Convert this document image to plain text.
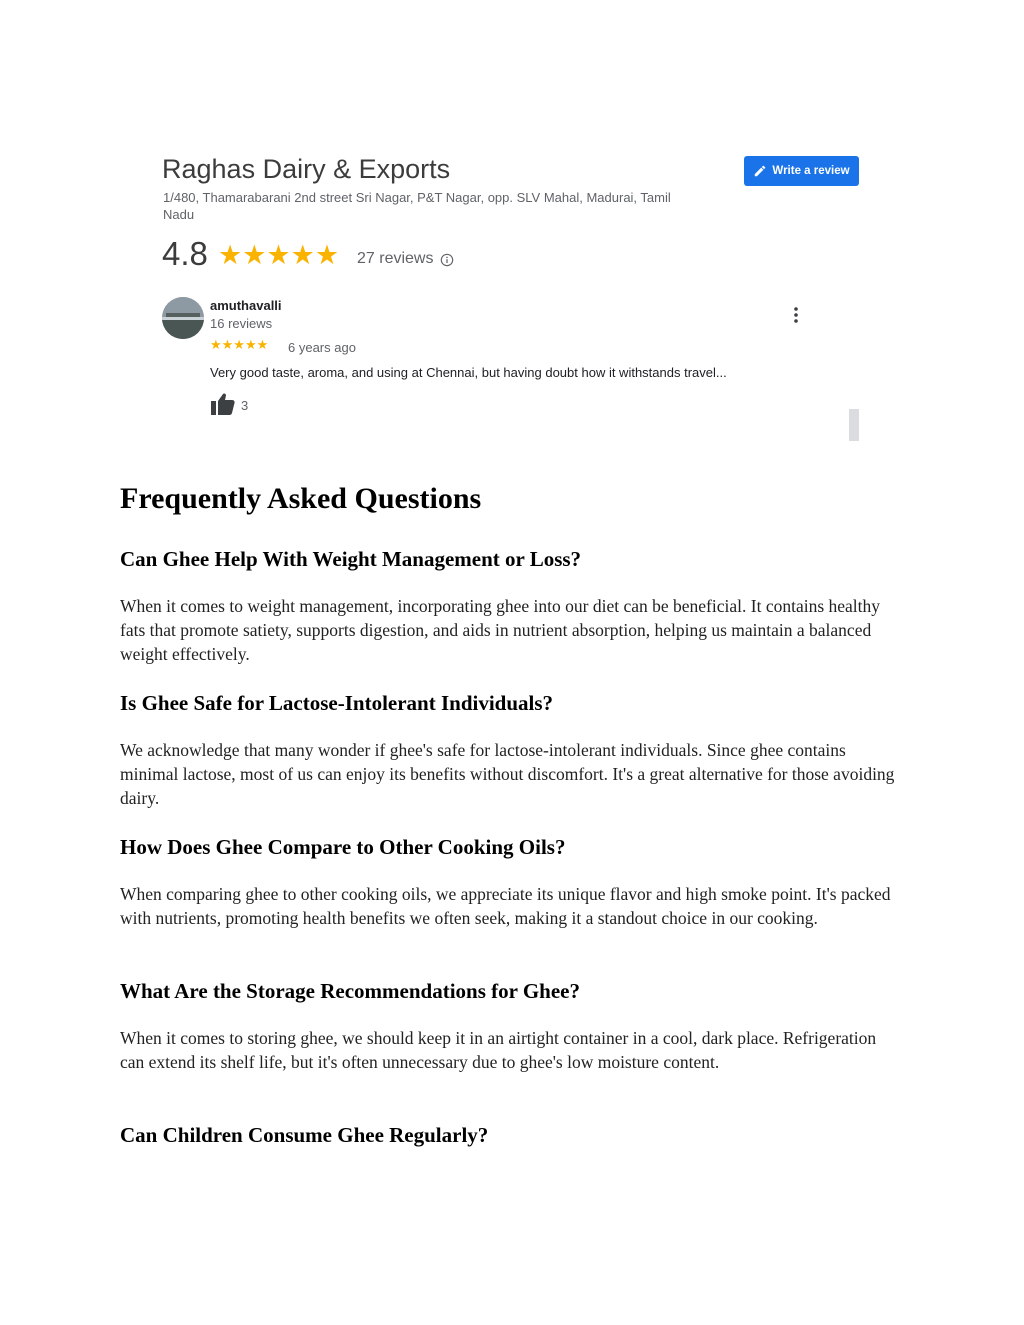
Raghas Dairy & Exports
1/480, Thamarabarani 2nd street Sri Nagar, P&T Nagar, opp. SLV Mahal, Madurai, Tamil Nadu
Write a review
4.8 ★★★★★ 27 reviews
amuthavalli
16 reviews
★★★★★ 6 years ago
Very good taste, aroma, and using at Chennai, but having doubt how it withstands travel...
3
Frequently Asked Questions
Can Ghee Help With Weight Management or Loss?
When it comes to weight management, incorporating ghee into our diet can be beneficial. It contains healthy fats that promote satiety, supports digestion, and aids in nutrient absorption, helping us maintain a balanced weight effectively.
Is Ghee Safe for Lactose-Intolerant Individuals?
We acknowledge that many wonder if ghee's safe for lactose-intolerant individuals. Since ghee contains minimal lactose, most of us can enjoy its benefits without discomfort. It's a great alternative for those avoiding dairy.
How Does Ghee Compare to Other Cooking Oils?
When comparing ghee to other cooking oils, we appreciate its unique flavor and high smoke point. It's packed with nutrients, promoting health benefits we often seek, making it a standout choice in our cooking.
What Are the Storage Recommendations for Ghee?
When it comes to storing ghee, we should keep it in an airtight container in a cool, dark place. Refrigeration can extend its shelf life, but it's often unnecessary due to ghee's low moisture content.
Can Children Consume Ghee Regularly?
